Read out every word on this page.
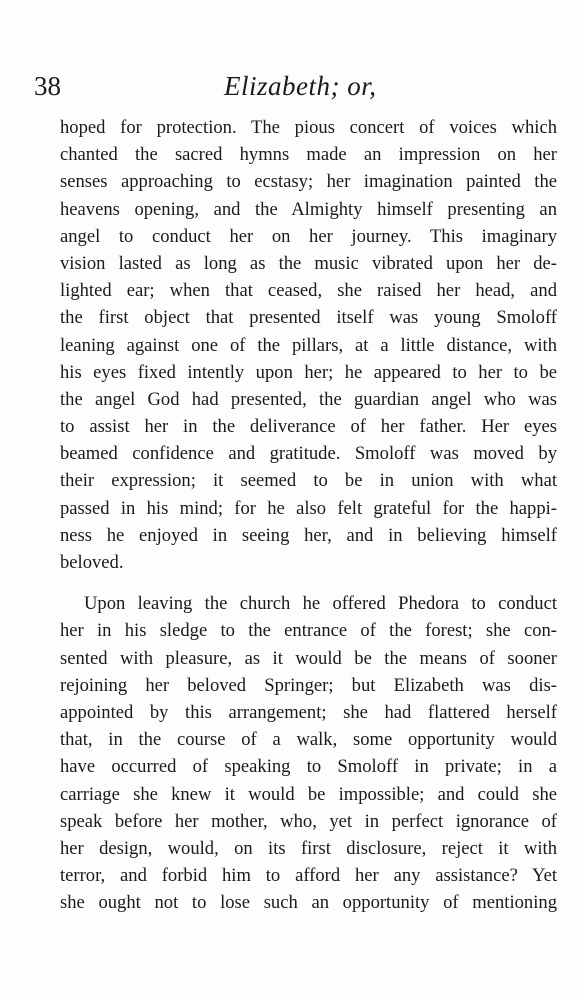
38	Elizabeth; or,
hoped for protection. The pious concert of voices which
chanted the sacred hymns made an impression on her
senses approaching to ecstasy; her imagination painted the
heavens opening, and the Almighty himself presenting an
angel to conduct her on her journey. This imaginary
vision lasted as long as the music vibrated upon her de-
lighted ear; when that ceased, she raised her head, and
the first object that presented itself was young Smoloff
leaning against one of the pillars, at a little distance, with
his eyes fixed intently upon her; he appeared to her to be
the angel God had presented, the guardian angel who was
to assist her in the deliverance of her father. Her eyes
beamed confidence and gratitude. Smoloff was moved by
their expression; it seemed to be in union with what
passed in his mind; for he also felt grateful for the happi-
ness he enjoyed in seeing her, and in believing himself
beloved.
Upon leaving the church he offered Phedora to conduct
her in his sledge to the entrance of the forest; she con-
sented with pleasure, as it would be the means of sooner
rejoining her beloved Springer; but Elizabeth was dis-
appointed by this arrangement; she had flattered herself
that, in the course of a walk, some opportunity would
have occurred of speaking to Smoloff in private; in a
carriage she knew it would be impossible; and could she
speak before her mother, who, yet in perfect ignorance of
her design, would, on its first disclosure, reject it with
terror, and forbid him to afford her any assistance? Yet
she ought not to lose such an opportunity of mentioning
